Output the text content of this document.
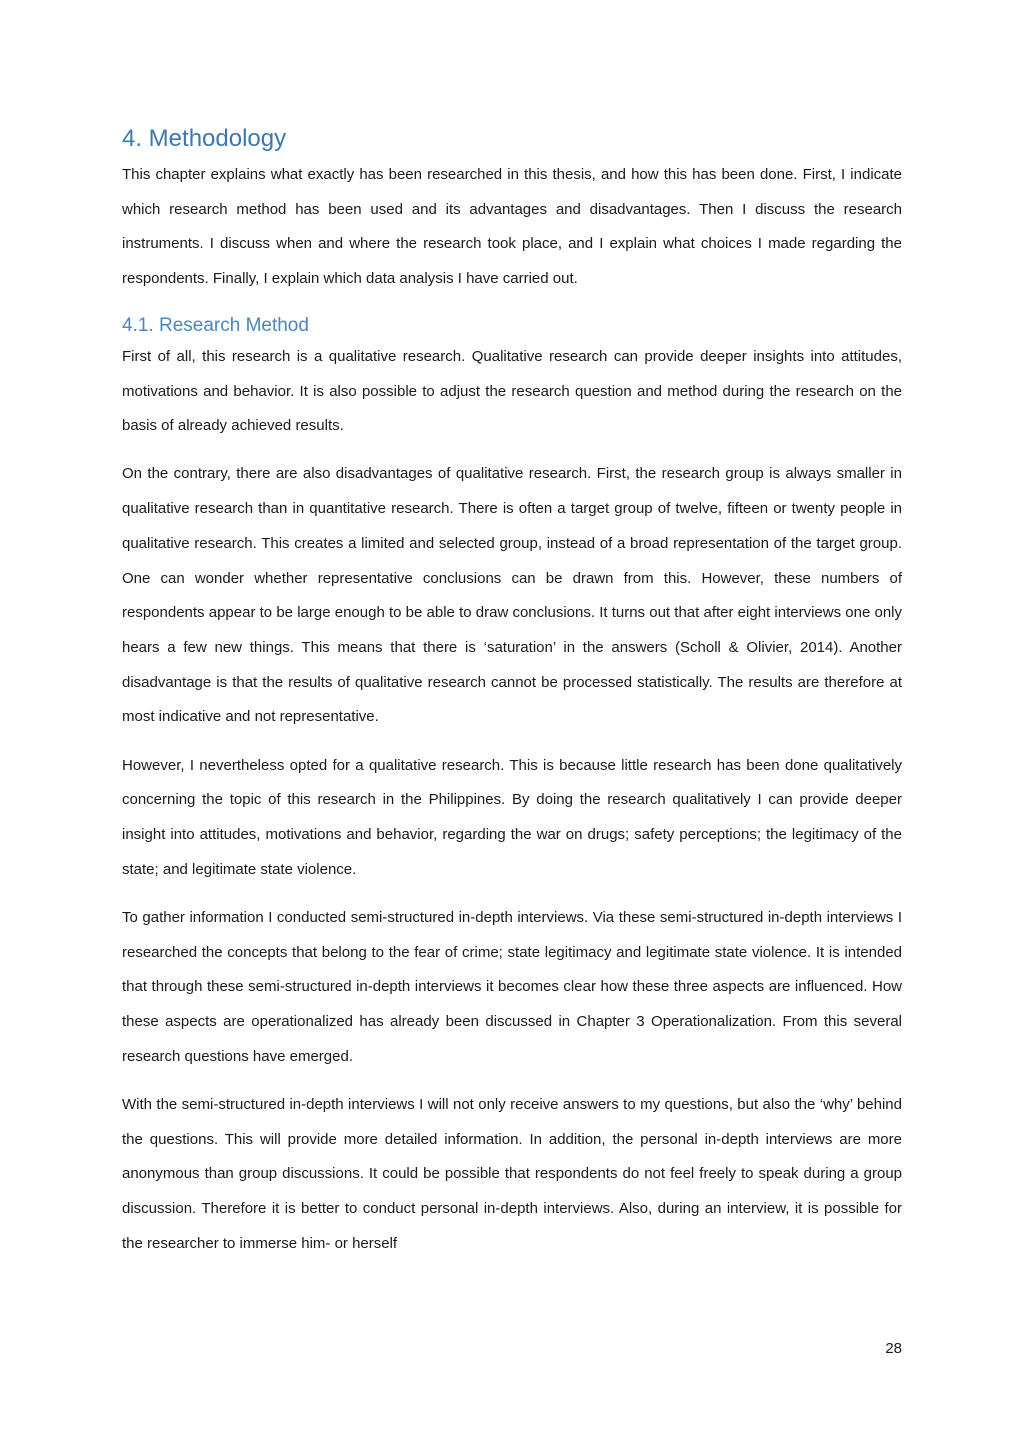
4. Methodology

This chapter explains what exactly has been researched in this thesis, and how this has been done. First, I indicate which research method has been used and its advantages and disadvantages. Then I discuss the research instruments. I discuss when and where the research took place, and I explain what choices I made regarding the respondents. Finally, I explain which data analysis I have carried out.

4.1. Research Method

First of all, this research is a qualitative research. Qualitative research can provide deeper insights into attitudes, motivations and behavior. It is also possible to adjust the research question and method during the research on the basis of already achieved results.

On the contrary, there are also disadvantages of qualitative research. First, the research group is always smaller in qualitative research than in quantitative research. There is often a target group of twelve, fifteen or twenty people in qualitative research. This creates a limited and selected group, instead of a broad representation of the target group. One can wonder whether representative conclusions can be drawn from this. However, these numbers of respondents appear to be large enough to be able to draw conclusions. It turns out that after eight interviews one only hears a few new things. This means that there is ‘saturation’ in the answers (Scholl & Olivier, 2014). Another disadvantage is that the results of qualitative research cannot be processed statistically. The results are therefore at most indicative and not representative.

However, I nevertheless opted for a qualitative research. This is because little research has been done qualitatively concerning the topic of this research in the Philippines. By doing the research qualitatively I can provide deeper insight into attitudes, motivations and behavior, regarding the war on drugs; safety perceptions; the legitimacy of the state; and legitimate state violence.

To gather information I conducted semi-structured in-depth interviews. Via these semi-structured in-depth interviews I researched the concepts that belong to the fear of crime; state legitimacy and legitimate state violence. It is intended that through these semi-structured in-depth interviews it becomes clear how these three aspects are influenced. How these aspects are operationalized has already been discussed in Chapter 3 Operationalization. From this several research questions have emerged.

With the semi-structured in-depth interviews I will not only receive answers to my questions, but also the ‘why’ behind the questions. This will provide more detailed information. In addition, the personal in-depth interviews are more anonymous than group discussions. It could be possible that respondents do not feel freely to speak during a group discussion. Therefore it is better to conduct personal in-depth interviews. Also, during an interview, it is possible for the researcher to immerse him- or herself

28
